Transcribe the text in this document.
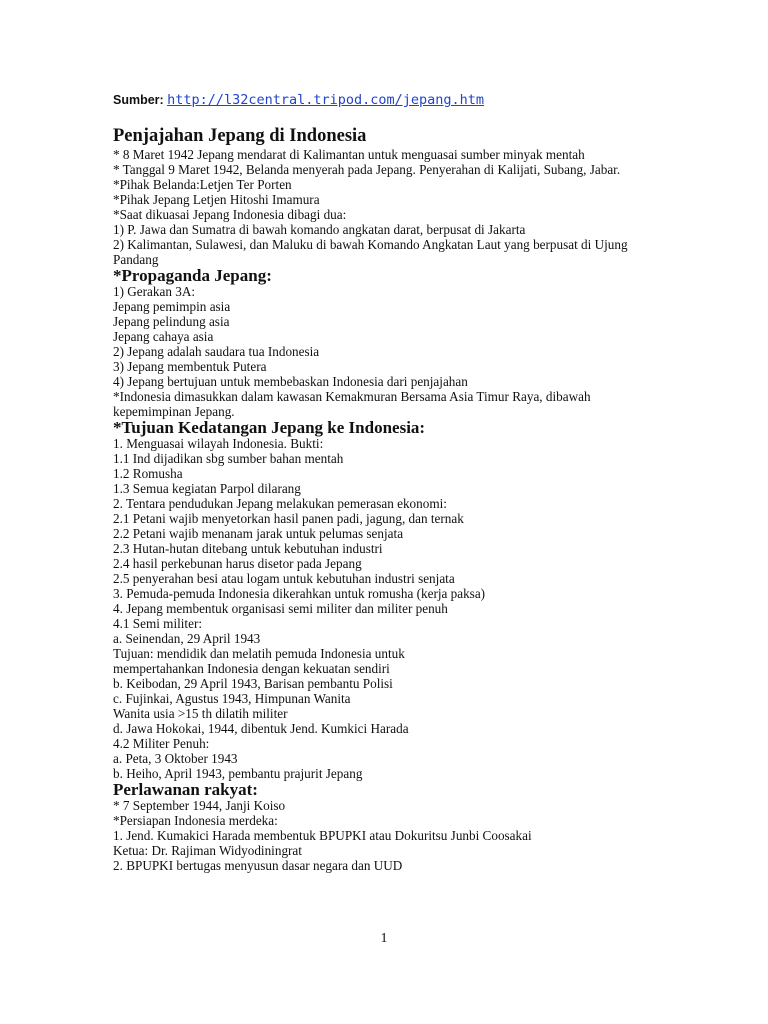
Sumber: http://l32central.tripod.com/jepang.htm
Penjajahan Jepang di Indonesia
* 8 Maret 1942 Jepang mendarat di Kalimantan untuk menguasai sumber minyak mentah
* Tanggal 9 Maret 1942, Belanda menyerah pada Jepang. Penyerahan di Kalijati, Subang, Jabar.
*Pihak Belanda:Letjen Ter Porten
*Pihak Jepang Letjen Hitoshi Imamura
*Saat dikuasai Jepang Indonesia dibagi dua:
1) P. Jawa dan Sumatra di bawah komando angkatan darat, berpusat di Jakarta
2) Kalimantan, Sulawesi, dan Maluku di bawah Komando Angkatan Laut yang berpusat di Ujung Pandang
*Propaganda Jepang:
1) Gerakan 3A:
Jepang pemimpin asia
Jepang pelindung asia
Jepang cahaya asia
2) Jepang adalah saudara tua Indonesia
3) Jepang membentuk Putera
4) Jepang bertujuan untuk membebaskan Indonesia dari penjajahan
*Indonesia dimasukkan dalam kawasan Kemakmuran Bersama Asia Timur Raya, dibawah kepemimpinan Jepang.
*Tujuan Kedatangan Jepang ke Indonesia:
1. Menguasai wilayah Indonesia. Bukti:
1.1 Ind dijadikan sbg sumber bahan mentah
1.2 Romusha
1.3 Semua kegiatan Parpol dilarang
2. Tentara pendudukan Jepang melakukan pemerasan ekonomi:
2.1 Petani wajib menyetorkan hasil panen padi, jagung, dan ternak
2.2 Petani wajib menanam jarak untuk pelumas senjata
2.3 Hutan-hutan ditebang untuk kebutuhan industri
2.4 hasil perkebunan harus disetor pada Jepang
2.5 penyerahan besi atau logam untuk kebutuhan industri senjata
3. Pemuda-pemuda Indonesia dikerahkan untuk romusha (kerja paksa)
4. Jepang membentuk organisasi semi militer dan militer penuh
4.1 Semi militer:
a. Seinendan, 29 April 1943
Tujuan: mendidik dan melatih pemuda Indonesia untuk
mempertahankan Indonesia dengan kekuatan sendiri
b. Keibodan, 29 April 1943, Barisan pembantu Polisi
c. Fujinkai, Agustus 1943, Himpunan Wanita
Wanita usia >15 th dilatih militer
d. Jawa Hokokai, 1944, dibentuk Jend. Kumkici Harada
4.2 Militer Penuh:
a. Peta, 3 Oktober 1943
b. Heiho, April 1943, pembantu prajurit Jepang
Perlawanan rakyat:
* 7 September 1944, Janji Koiso
*Persiapan Indonesia merdeka:
1. Jend. Kumakici Harada membentuk BPUPKI atau Dokuritsu Junbi Coosakai
Ketua: Dr. Rajiman Widyodiningrat
2. BPUPKI bertugas menyusun dasar negara dan UUD
1
